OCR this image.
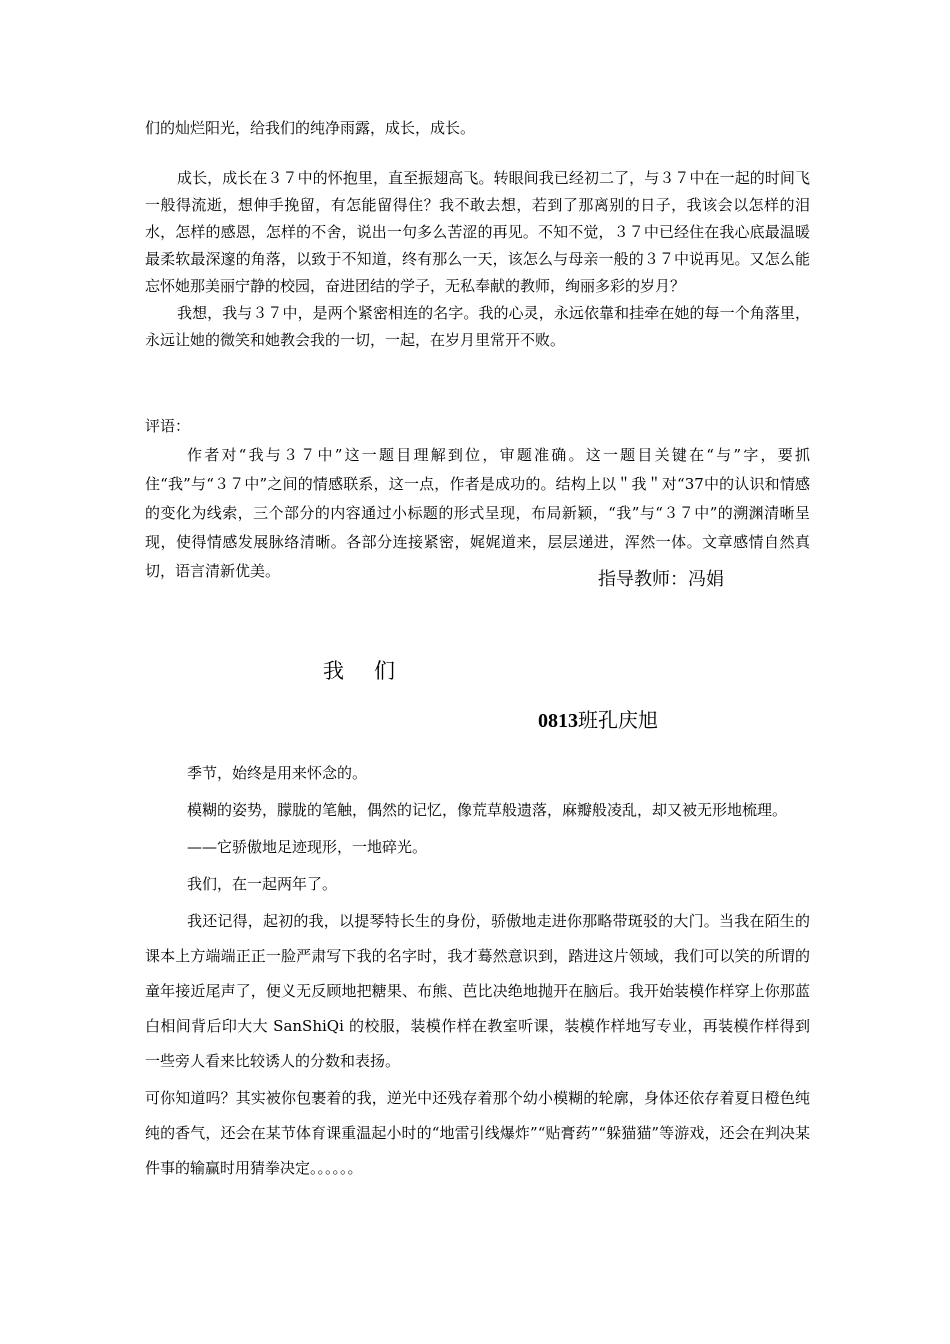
们的灿烂阳光，给我们的纯净雨露，成长，成长。

成长，成长在３７中的怀抱里，直至振翅高飞。转眼间我已经初二了，与３７中在一起的时间飞一般得流逝，想伸手挽留，有怎能留得住？我不敢去想，若到了那离别的日子，我该会以怎样的泪水，怎样的感恩，怎样的不舍，说出一句多么苦涩的再见。不知不觉，３７中已经住在我心底最温暖最柔软最深邃的角落，以致于不知道，终有那么一天，该怎么与母亲一般的３７中说再见。又怎么能忘怀她那美丽宁静的校园，奋进团结的学子，无私奉献的教师，绚丽多彩的岁月？

我想，我与３７中，是两个紧密相连的名字。我的心灵，永远依靠和挂牵在她的每一个角落里，永远让她的微笑和她教会我的一切，一起，在岁月里常开不败。

评语：

作者对“我与３７中”这一题目理解到位，审题准确。这一题目关键在“与”字，要抓住“我”与“３７中”之间的情感联系，这一点，作者是成功的。结构上以＂我＂对“37中的认识和情感的变化为线索，三个部分的内容通过小标题的形式呈现，布局新颖，“我”与“３７中”的溯渊清晰呈现，使得情感发展脉络清晰。各部分连接紧密，娓娓道来，层层递进，浑然一体。文章感情自然真切，语言清新优美。	指导教师：冯娟
我们
0813班孔庆旭

季节，始终是用来怀念的。

模糊的姿势，朦胧的笔触，偶然的记忆，像荒草般遗落，麻瓣般凌乱，却又被无形地梳理。

——它骄傲地足迹现形，一地碎光。

我们，在一起两年了。

我还记得，起初的我，以提琴特长生的身份，骄傲地走进你那略带斑驳的大门。当我在陌生的课本上方端端正正一脸严肃写下我的名字时，我才蓦然意识到，踏进这片领域，我们可以笑的所谓的童年接近尾声了，便义无反顾地把糖果、布熊、芭比决绝地抛开在脑后。我开始装模作样穿上你那蓝白相间背后印大大 SanShiQi 的校服，装模作样在教室听课，装模作样地写专业，再装模作样得到一些旁人看来比较诱人的分数和表扬。

可你知道吗？其实被你包裹着的我，逆光中还残存着那个幼小模糊的轮廓，身体还依存着夏日橙色纯纯的香气，还会在某节体育课重温起小时的“地雷引线爆炸”“贴膏药”“躲猫猫”等游戏，还会在判决某件事的输赢时用猜拳决定。。。。。。
